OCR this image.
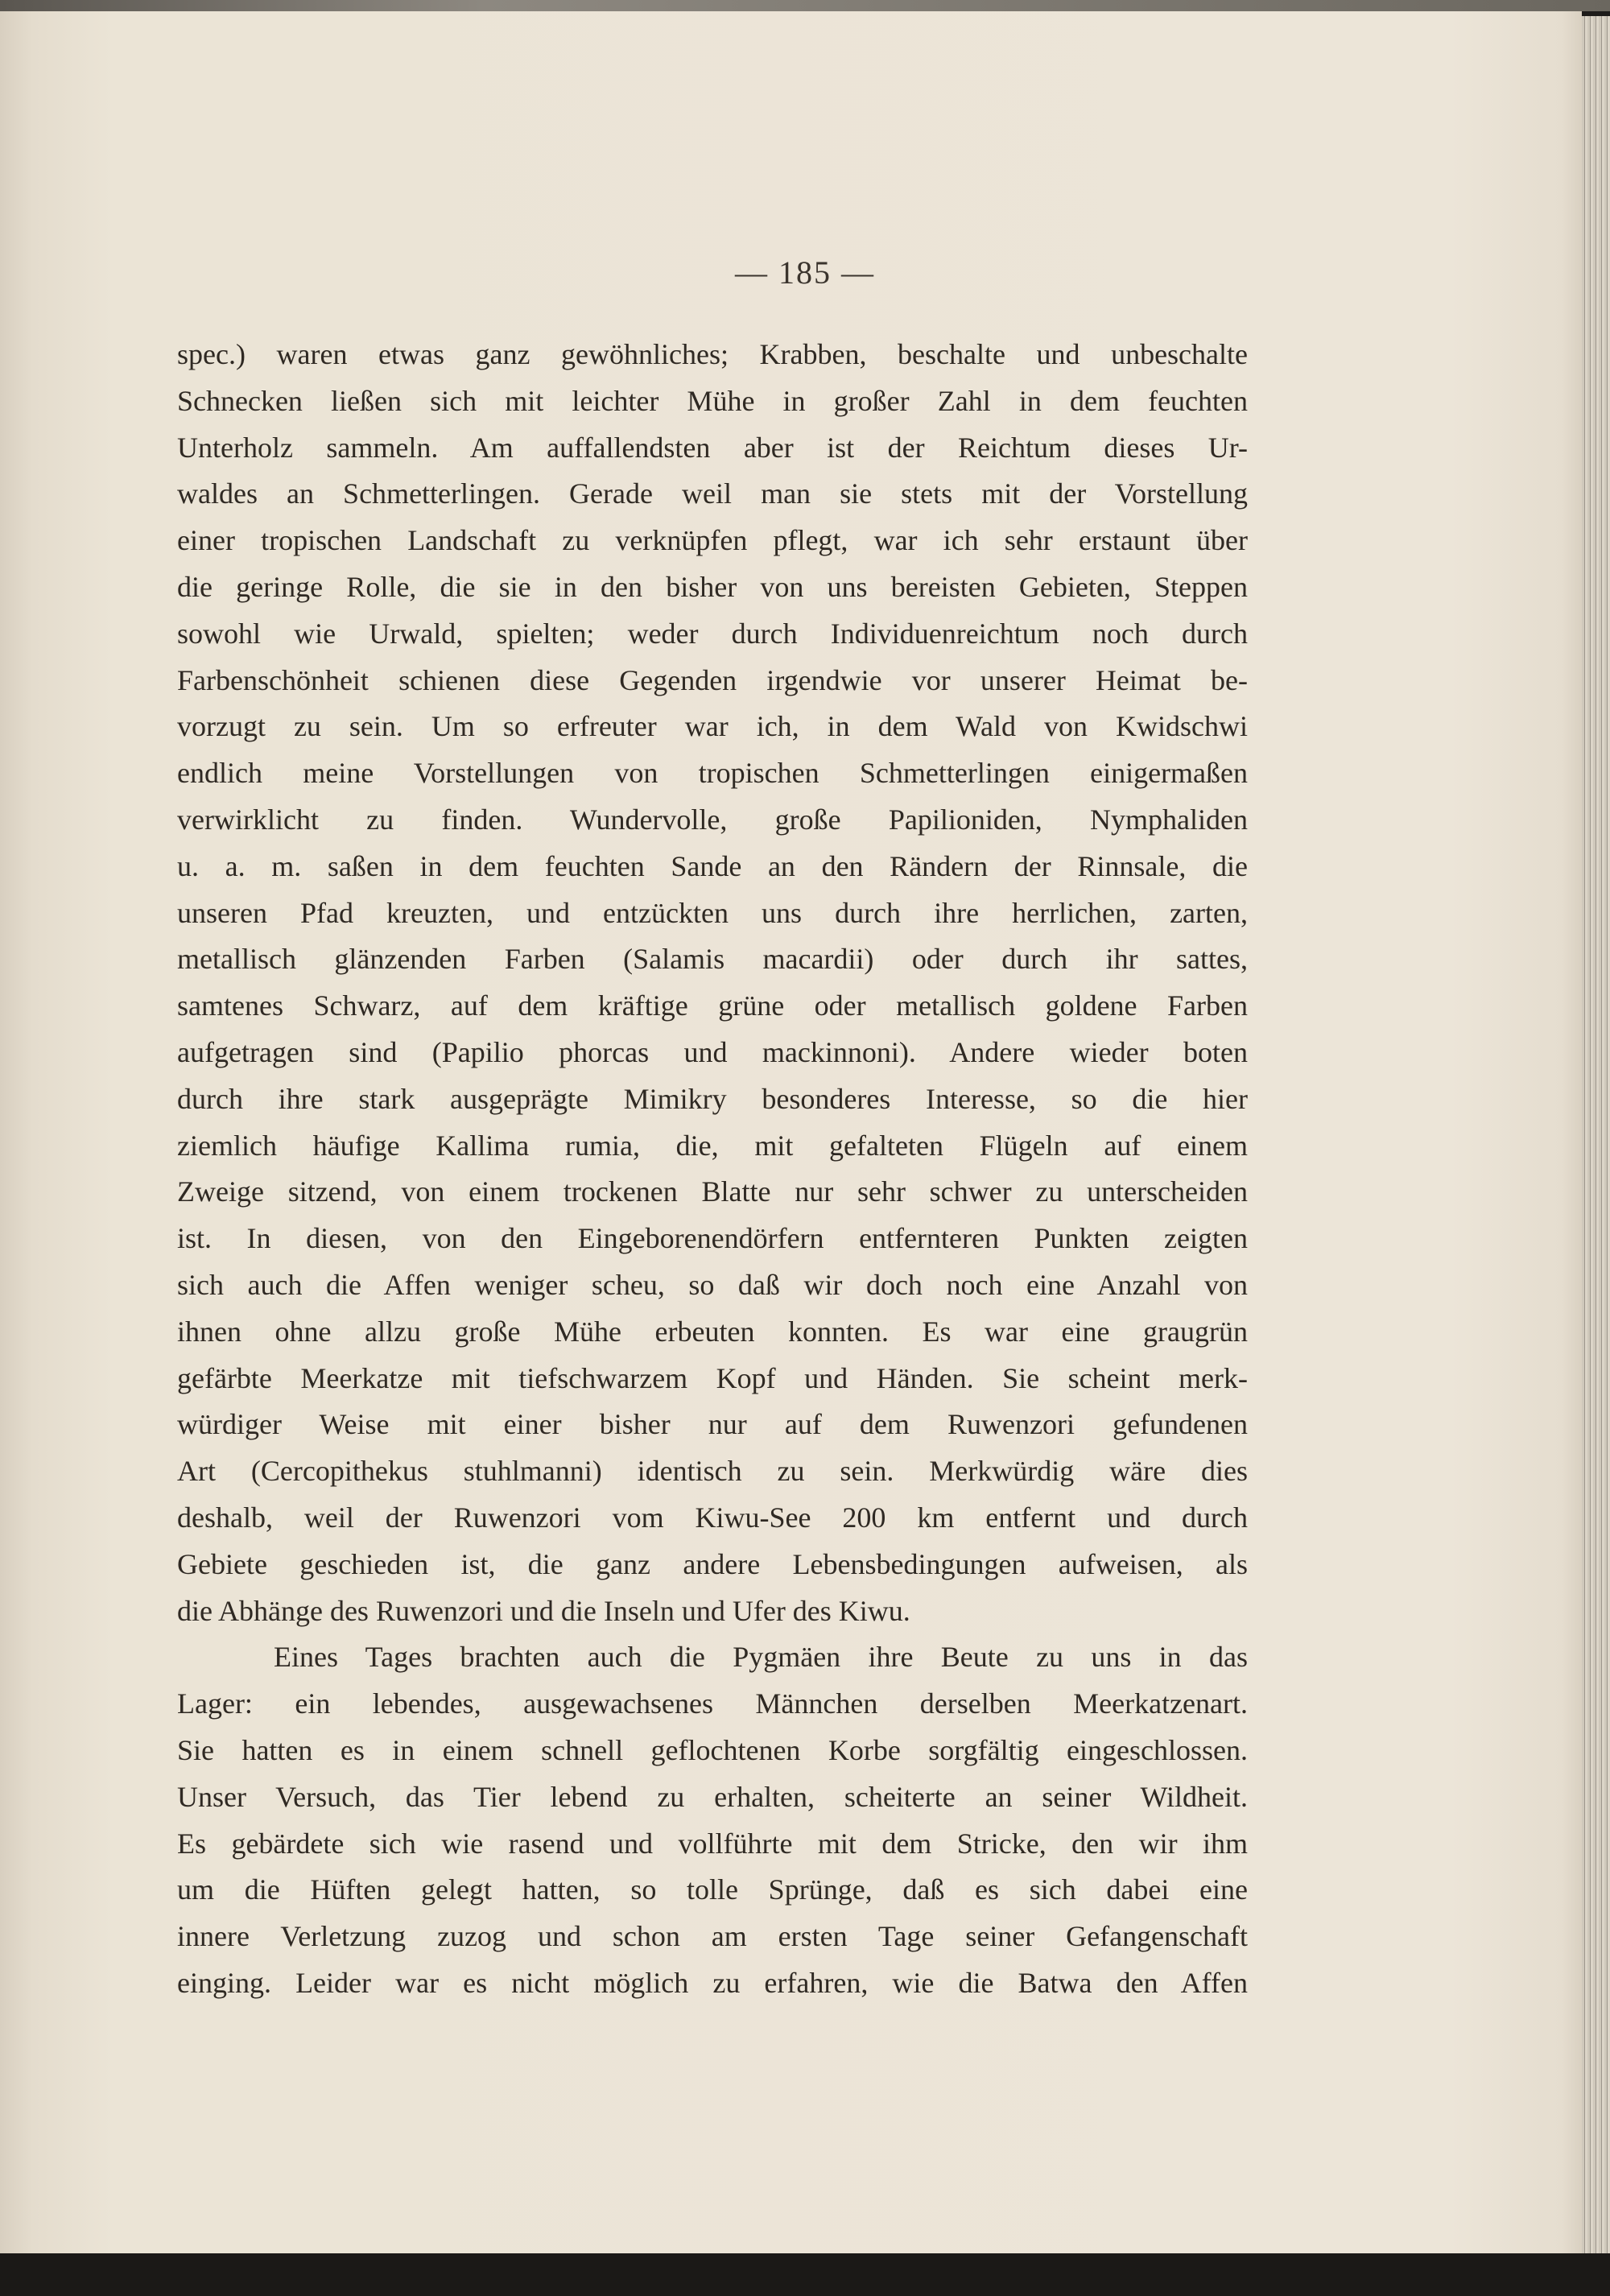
— 185 —
spec.) waren etwas ganz gewöhnliches; Krabben, beschalte und unbeschalte
Schnecken ließen sich mit leichter Mühe in großer Zahl in dem feuchten
Unterholz sammeln. Am auffallendsten aber ist der Reichtum dieses Ur-
waldes an Schmetterlingen. Gerade weil man sie stets mit der Vorstellung
einer tropischen Landschaft zu verknüpfen pflegt, war ich sehr erstaunt über
die geringe Rolle, die sie in den bisher von uns bereisten Gebieten, Steppen
sowohl wie Urwald, spielten; weder durch Individuenreichtum noch durch
Farbenschönheit schienen diese Gegenden irgendwie vor unserer Heimat be-
vorzugt zu sein. Um so erfreuter war ich, in dem Wald von Kwidschwi
endlich meine Vorstellungen von tropischen Schmetterlingen einigermaßen
verwirklicht zu finden. Wundervolle, große Papilioniden, Nymphaliden
u. a. m. saßen in dem feuchten Sande an den Rändern der Rinnsale, die
unseren Pfad kreuzten, und entzückten uns durch ihre herrlichen, zarten,
metallisch glänzenden Farben (Salamis macardii) oder durch ihr sattes,
samtenes Schwarz, auf dem kräftige grüne oder metallisch goldene Farben
aufgetragen sind (Papilio phorcas und mackinnoni). Andere wieder boten
durch ihre stark ausgeprägte Mimikry besonderes Interesse, so die hier
ziemlich häufige Kallima rumia, die, mit gefalteten Flügeln auf einem
Zweige sitzend, von einem trockenen Blatte nur sehr schwer zu unterscheiden
ist. In diesen, von den Eingeborenendörfern entfernteren Punkten zeigten
sich auch die Affen weniger scheu, so daß wir doch noch eine Anzahl von
ihnen ohne allzu große Mühe erbeuten konnten. Es war eine graugrün
gefärbte Meerkatze mit tiefschwarzem Kopf und Händen. Sie scheint merk-
würdiger Weise mit einer bisher nur auf dem Ruwenzori gefundenen
Art (Cercopithekus stuhlmanni) identisch zu sein. Merkwürdig wäre dies
deshalb, weil der Ruwenzori vom Kiwu-See 200 km entfernt und durch
Gebiete geschieden ist, die ganz andere Lebensbedingungen aufweisen, als
die Abhänge des Ruwenzori und die Inseln und Ufer des Kiwu.
Eines Tages brachten auch die Pygmäen ihre Beute zu uns in das
Lager: ein lebendes, ausgewachsenes Männchen derselben Meerkatzenart.
Sie hatten es in einem schnell geflochtenen Korbe sorgfältig eingeschlossen.
Unser Versuch, das Tier lebend zu erhalten, scheiterte an seiner Wildheit.
Es gebärdete sich wie rasend und vollführte mit dem Stricke, den wir ihm
um die Hüften gelegt hatten, so tolle Sprünge, daß es sich dabei eine
innere Verletzung zuzog und schon am ersten Tage seiner Gefangenschaft
einging. Leider war es nicht möglich zu erfahren, wie die Batwa den Affen
